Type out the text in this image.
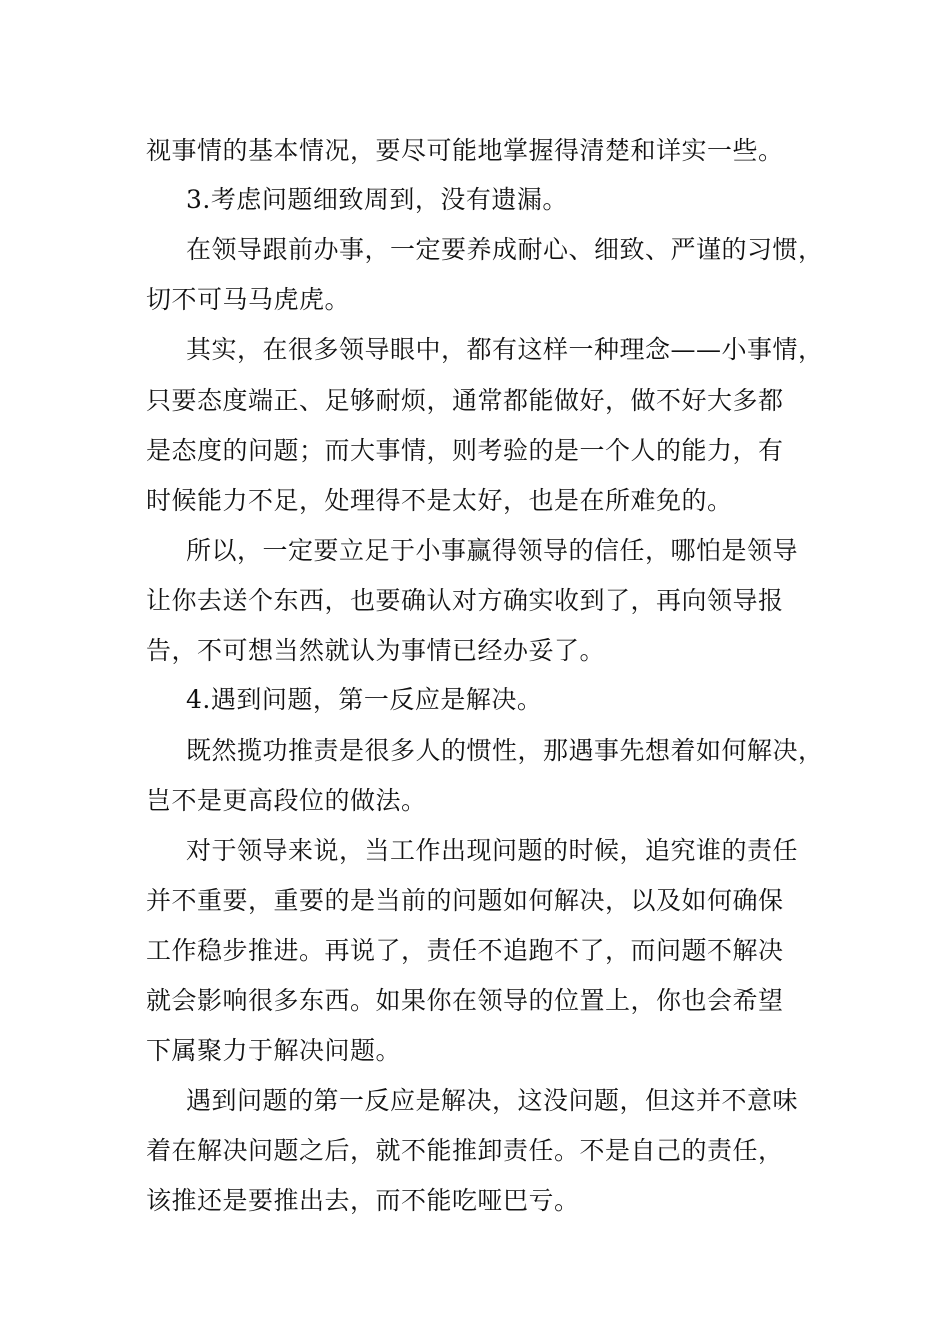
视事情的基本情况，要尽可能地掌握得清楚和详实一些。
3.考虑问题细致周到，没有遗漏。
在领导跟前办事，一定要养成耐心、细致、严谨的习惯，
切不可马马虎虎。
其实，在很多领导眼中，都有这样一种理念——小事情，
只要态度端正、足够耐烦，通常都能做好，做不好大多都
是态度的问题；而大事情，则考验的是一个人的能力，有
时候能力不足，处理得不是太好，也是在所难免的。
所以，一定要立足于小事赢得领导的信任，哪怕是领导
让你去送个东西，也要确认对方确实收到了，再向领导报
告，不可想当然就认为事情已经办妥了。
4.遇到问题，第一反应是解决。
既然揽功推责是很多人的惯性，那遇事先想着如何解决，
岂不是更高段位的做法。
对于领导来说，当工作出现问题的时候，追究谁的责任
并不重要，重要的是当前的问题如何解决，以及如何确保
工作稳步推进。再说了，责任不追跑不了，而问题不解决
就会影响很多东西。如果你在领导的位置上，你也会希望
下属聚力于解决问题。
遇到问题的第一反应是解决，这没问题，但这并不意味
着在解决问题之后，就不能推卸责任。不是自己的责任，
该推还是要推出去，而不能吃哑巴亏。
